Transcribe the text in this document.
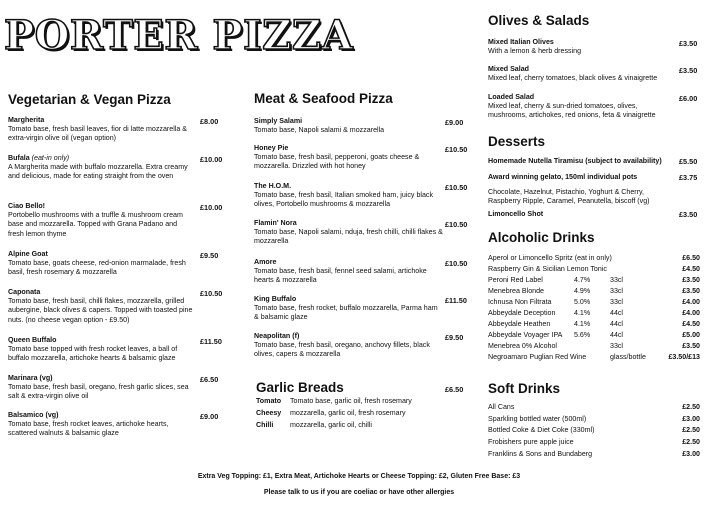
PORTER PIZZA
Vegetarian & Vegan Pizza
Margherita
Tomato base, fresh basil leaves, fior di latte mozzarella & extra-virgin olive oil (vegan option)
£8.00
Bufala (eat-in only)
A Margherita made with buffalo mozzarella. Extra creamy and delicious, made for eating straight from the oven
£10.00
Ciao Bello!
Portobello mushrooms with a truffle & mushroom cream base and mozzarella. Topped with Grana Padano and fresh lemon thyme
£10.00
Alpine Goat
Tomato base, goats cheese, red-onion marmalade, fresh basil, fresh rosemary & mozzarella
£9.50
Caponata
Tomato base, fresh basil, chilli flakes, mozzarella, grilled aubergine, black olives & capers. Topped with toasted pine nuts. (no cheese vegan option - £9.50)
£10.50
Queen Buffalo
Tomato base topped with fresh rocket leaves, a ball of buffalo mozzarella, artichoke hearts & balsamic glaze
£11.50
Marinara (vg)
Tomato base, fresh basil, oregano, fresh garlic slices, sea salt & extra-virgin olive oil
£6.50
Balsamico (vg)
Tomato base, fresh rocket leaves, artichoke hearts, scattered walnuts & balsamic glaze
£9.00
Meat & Seafood Pizza
Simply Salami
Tomato base, Napoli salami & mozzarella
£9.00
Honey Pie
Tomato base, fresh basil, pepperoni, goats cheese & mozzarella. Drizzled with hot honey
£10.50
The H.O.M.
Tomato base, fresh basil, Italian smoked ham, juicy black olives, Portobello mushrooms & mozzarella
£10.50
Flamin' Nora
Tomato base, Napoli salami, nduja, fresh chilli, chilli flakes & mozzarella
£10.50
Amore
Tomato base, fresh basil, fennel seed salami, artichoke hearts & mozzarella
£10.50
King Buffalo
Tomato base, fresh rocket, buffalo mozzarella, Parma ham & balsamic glaze
£11.50
Neapolitan (f)
Tomato base, fresh basil, oregano, anchovy fillets, black olives, capers & mozzarella
£9.50
Garlic Breads	£6.50
Tomato Tomato base, garlic oil, fresh rosemary
Cheesy mozzarella, garlic oil, fresh rosemary
Chilli mozzarella, garlic oil, chilli
Olives & Salads
Mixed Italian Olives
With a lemon & herb dressing
£3.50
Mixed Salad
Mixed leaf, cherry tomatoes, black olives & vinaigrette
£3.50
Loaded Salad
Mixed leaf, cherry & sun-dried tomatoes, olives, mushrooms, artichokes, red onions, feta & vinaigrette
£6.00
Desserts
Homemade Nutella Tiramisu (subject to availability) £5.50
Award winning gelato, 150ml individual pots	£3.75
Chocolate, Hazelnut, Pistachio, Yoghurt & Cherry, Raspberry Ripple, Caramel, Peanutella, biscoff (vg)
Limoncello Shot	£3.50
Alcoholic Drinks
Aperol or Limoncello Spritz (eat in only)	£6.50
Raspberry Gin & Sicilian Lemon Tonic	£4.50
Peroni Red Label	4.7%	33cl	£3.50
Menebrea Blonde	4.9%	33cl	£3.50
Ichnusa Non Filtrata	5.0%	33cl	£4.00
Abbeydale Deception	4.1%	44cl	£4.00
Abbeydale Heathen	4.1%	44cl	£4.50
Abbeydale Voyager IPA 5.6%	44cl	£5.00
Menebrea 0% Alcohol	33cl	£3.50
Negroamaro Puglian Red Wine	glass/bottle	£3.50/£13
Soft Drinks
All Cans	£2.50
Sparkling bottled water (500ml)	£3.00
Bottled Coke & Diet Coke (330ml)	£2.50
Frobishers pure apple juice	£2.50
Franklins & Sons and Bundaberg	£3.00
Extra Veg Topping: £1, Extra Meat, Artichoke Hearts or Cheese Topping: £2, Gluten Free Base: £3
Please talk to us if you are coeliac or have other allergies
